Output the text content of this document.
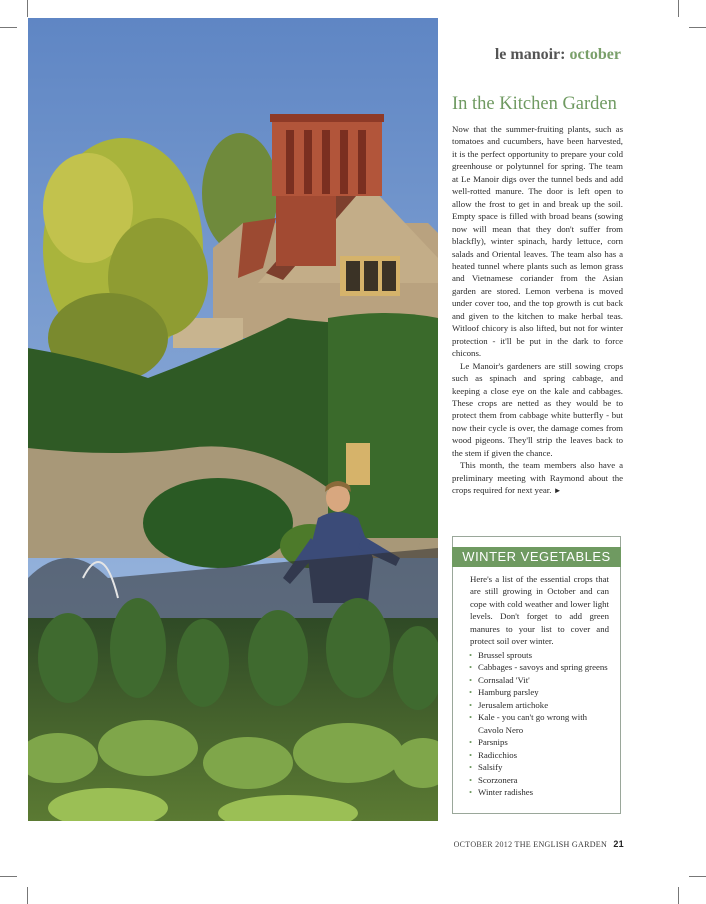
le manoir: october
In the Kitchen Garden

Now that the summer-fruiting plants, such as tomatoes and cucumbers, have been harvested, it is the perfect opportunity to prepare your cold greenhouse or polytunnel for spring. The team at Le Manoir digs over the tunnel beds and add well-rotted manure. The door is left open to allow the frost to get in and break up the soil. Empty space is filled with broad beans (sowing now will mean that they don't suffer from blackfly), winter spinach, hardy lettuce, corn salads and Oriental leaves. The team also has a heated tunnel where plants such as lemon grass and Vietnamese coriander from the Asian garden are stored. Lemon verbena is moved under cover too, and the top growth is cut back and given to the kitchen to make herbal teas. Witloof chicory is also lifted, but not for winter protection - it'll be put in the dark to force chicons.

Le Manoir's gardeners are still sowing crops such as spinach and spring cabbage, and keeping a close eye on the kale and cabbages. These crops are netted as they would be to protect them from cabbage white butterfly - but now their cycle is over, the damage comes from wood pigeons. They'll strip the leaves back to the stem if given the chance.

This month, the team members also have a preliminary meeting with Raymond about the crops required for next year. ►

WINTER VEGETABLES
Here's a list of the essential crops that are still growing in October and can cope with cold weather and lower light levels. Don't forget to add green manures to your list to cover and protect soil over winter.
• Brussel sprouts
• Cabbages - savoys and spring greens
• Cornsalad 'Vit'
• Hamburg parsley
• Jerusalem artichoke
• Kale - you can't go wrong with Cavolo Nero
• Parsnips
• Radicchios
• Salsify
• Scorzonera
• Winter radishes
OCTOBER 2012 THE ENGLISH GARDEN 21
